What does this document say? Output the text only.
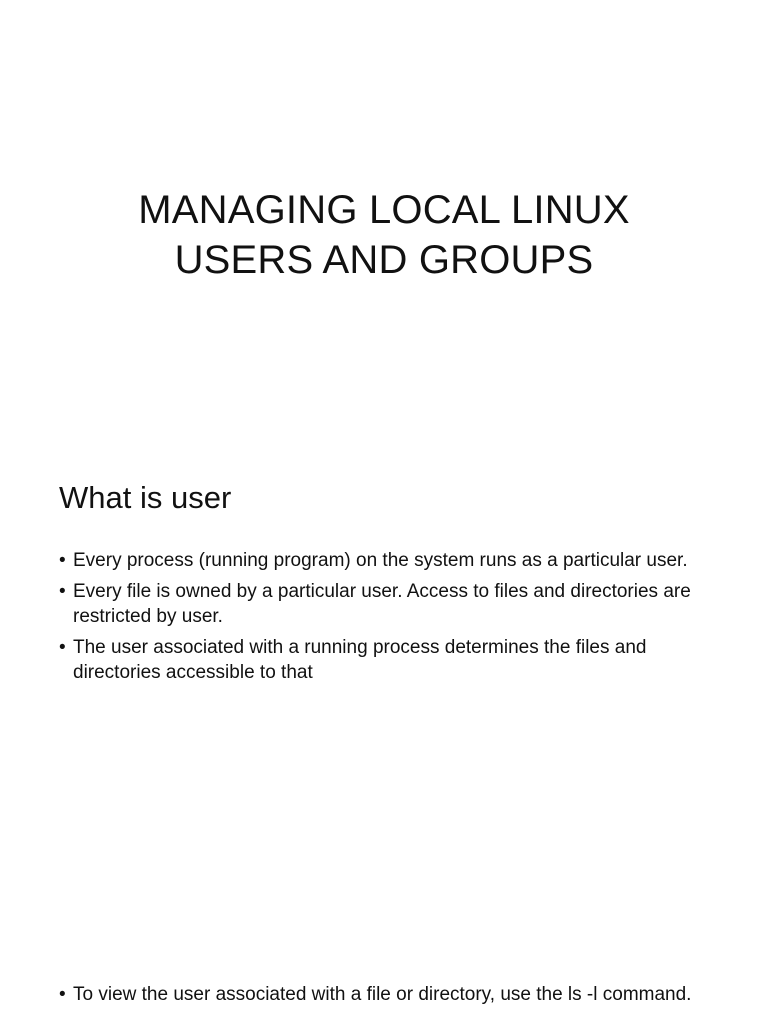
MANAGING LOCAL LINUX
USERS AND GROUPS
What is user
• Every process (running program) on the system runs as a particular user.
• Every file is owned by a particular user. Access to files and directories are restricted by user.
• The user associated with a running process determines the files and directories accessible to that
• To view the user associated with a file or directory, use the ls -l command.
